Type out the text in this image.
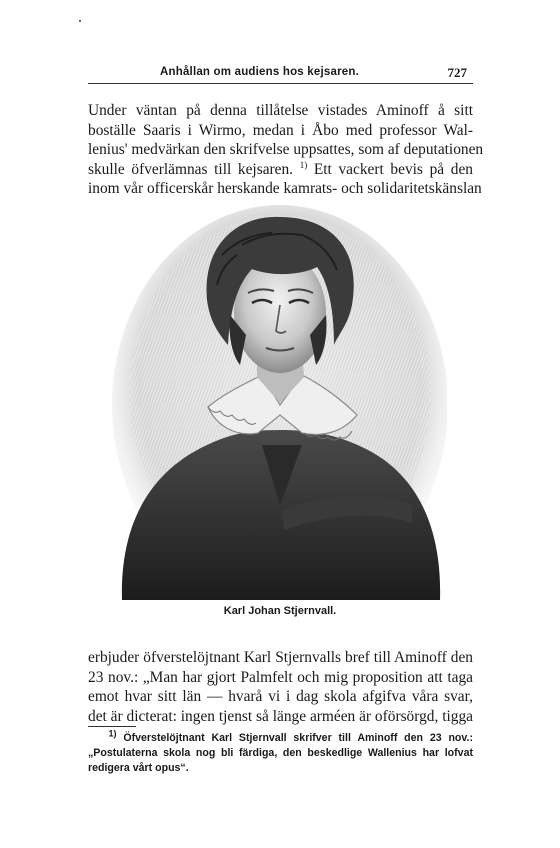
Anhållan om audiens hos kejsaren.	727
Under väntan på denna tillåtelse vistades Aminoff å sitt
boställe Saaris i Wirmo, medan i Åbo med professor Wal-
lenius' medvärkan den skrifvelse uppsattes, som af deputationen
skulle öfverlämnas till kejsaren. $^{1)}$ Ett vackert bevis på den
inom vår officerskår herskande kamrats- och solidaritetskänslan
Karl Johan Stjernvall.
erbjuder öfverstelöjtnant Karl Stjernvalls bref till Aminoff den
23 nov.: „Man har gjort Palmfelt och mig proposition att taga
emot hvar sitt län — hvarå vi i dag skola afgifva våra svar,
det är dicterat: ingen tjenst så länge arméen är oförsörgd, tigga
$^{1)}$ Öfverstelöjtnant Karl Stjernvall skrifver till Aminoff den 23 nov.:
„Postulaterna skola nog bli färdiga, den beskedlige Wallenius har lofvat
redigera vårt opus“.
